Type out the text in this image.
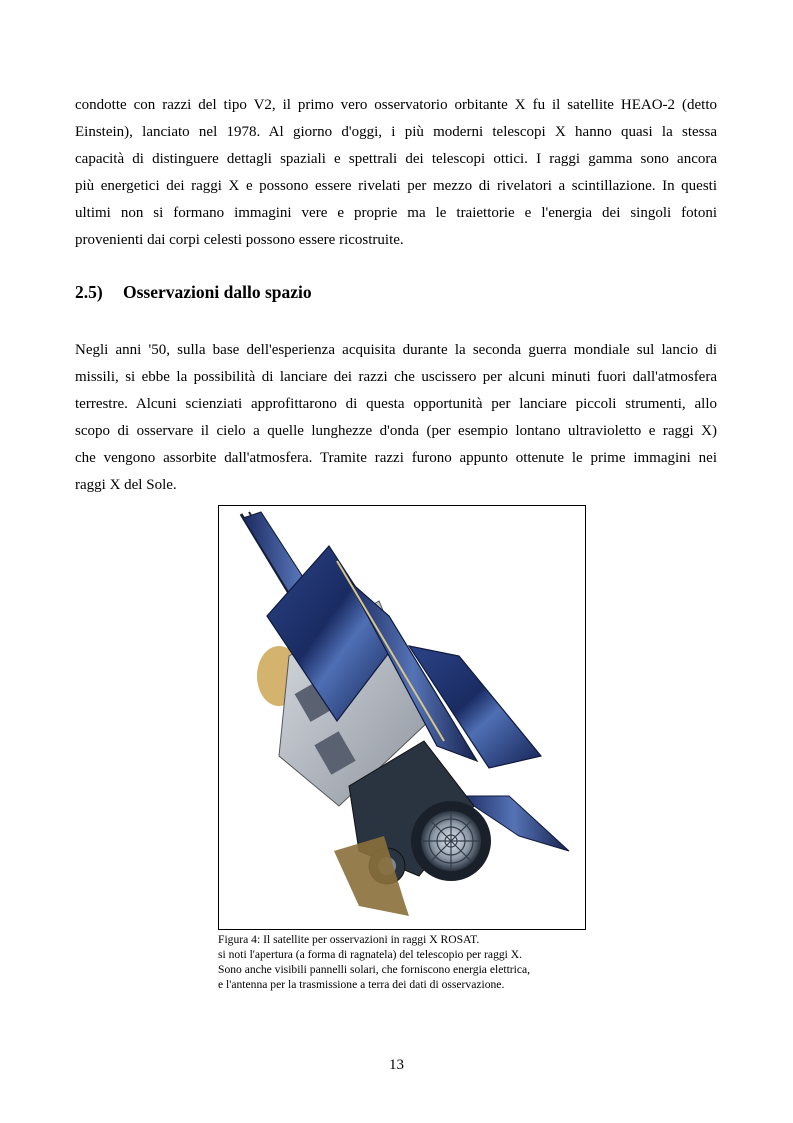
condotte con razzi del tipo V2, il primo vero osservatorio orbitante X fu il satellite HEAO-2 (detto
Einstein), lanciato nel 1978. Al giorno d'oggi, i più moderni telescopi X hanno quasi la stessa
capacità di distinguere dettagli spaziali e spettrali dei telescopi ottici. I raggi gamma sono ancora
più energetici dei raggi X e possono essere rivelati per mezzo di rivelatori a scintillazione. In questi
ultimi non si formano immagini vere e proprie ma le traiettorie e l'energia dei singoli fotoni
provenienti dai corpi celesti possono essere ricostruite.
2.5) Osservazioni dallo spazio
Negli anni '50, sulla base dell'esperienza acquisita durante la seconda guerra mondiale sul lancio di
missili, si ebbe la possibilità di lanciare dei razzi che uscissero per alcuni minuti fuori dall'atmosfera
terrestre. Alcuni scienziati approfittarono di questa opportunità per lanciare piccoli strumenti, allo
scopo di osservare il cielo a quelle lunghezze d'onda (per esempio lontano ultravioletto e raggi X)
che vengono assorbite dall'atmosfera. Tramite razzi furono appunto ottenute le prime immagini nei
raggi X del Sole.
Figura 4: Il satellite per osservazioni in raggi X ROSAT.
si noti l'apertura (a forma di ragnatela) del telescopio per raggi X.
Sono anche visibili pannelli solari, che forniscono energia elettrica,
e l'antenna per la trasmissione a terra dei dati di osservazione.
13
